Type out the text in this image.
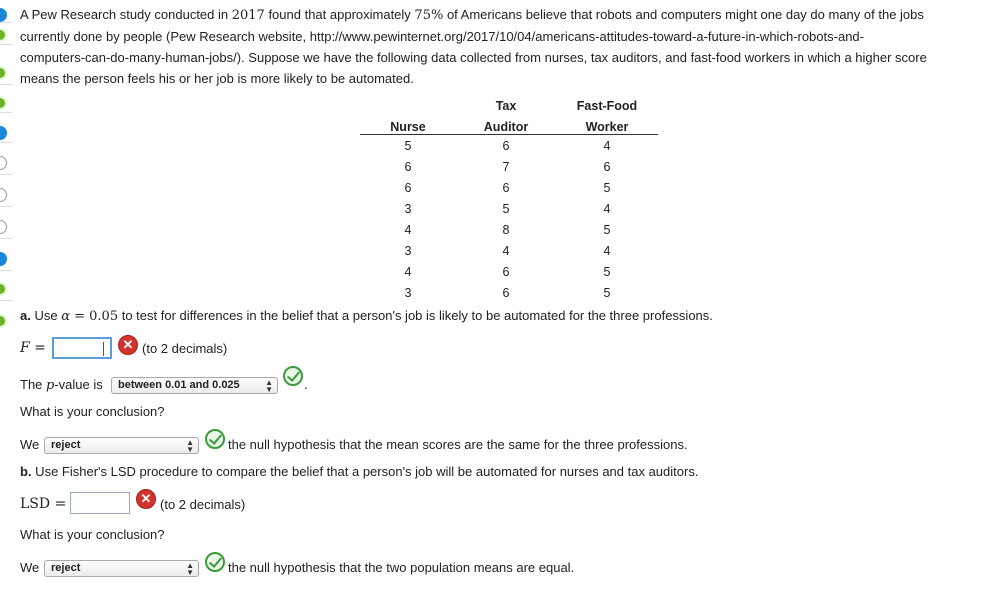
A Pew Research study conducted in 2017 found that approximately 75% of Americans believe that robots and computers might one day do many of the jobs
currently done by people (Pew Research website, http://www.pewinternet.org/2017/10/04/americans-attitudes-toward-a-future-in-which-robots-and-
computers-can-do-many-human-jobs/). Suppose we have the following data collected from nurses, tax auditors, and fast-food workers in which a higher score
means the person feels his or her job is more likely to be automated.
	Tax	Fast-Food
Nurse	Auditor	Worker
5	6	4
6	7	6
6	6	5
3	5	4
4	8	5
3	4	4
4	6	5
3	6	5
a. Use α = 0.05 to test for differences in the belief that a person's job is likely to be automated for the three professions.
F =	✕ (to 2 decimals)
The p-value is	between 0.01 and 0.025	▲
▼ .
What is your conclusion?
We	reject	▲
▼	the null hypothesis that the mean scores are the same for the three professions.
b. Use Fisher's LSD procedure to compare the belief that a person's job will be automated for nurses and tax auditors.
LSD =	✕ (to 2 decimals)
What is your conclusion?
We	reject	▲
▼	the null hypothesis that the two population means are equal.
